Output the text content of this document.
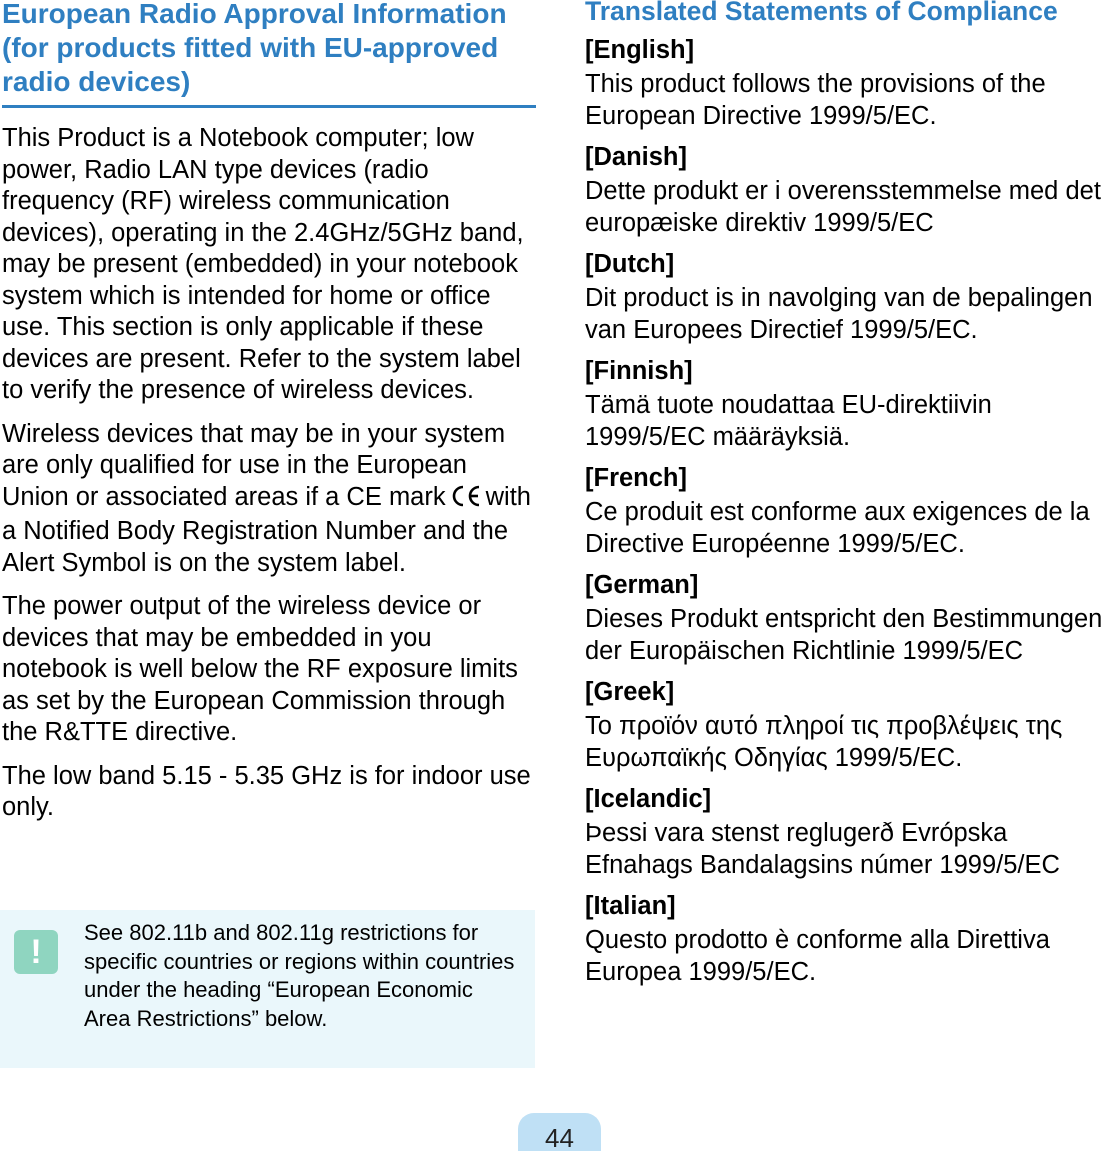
European Radio Approval Information (for products fitted with EU-approved radio devices)

This Product is a Notebook computer; low power, Radio LAN type devices (radio frequency (RF) wireless communication devices), operating in the 2.4GHz/5GHz band, may be present (embedded) in your notebook system which is intended for home or office use. This section is only applicable if these devices are present. Refer to the system label to verify the presence of wireless devices.

Wireless devices that may be in your system are only qualified for use in the European Union or associated areas if a CE mark with a Notified Body Registration Number and the Alert Symbol is on the system label.

The power output of the wireless device or devices that may be embedded in you notebook is well below the RF exposure limits as set by the European Commission through the R&TTE directive.

The low band 5.15 - 5.35 GHz is for indoor use only.

!

See 802.11b and 802.11g restrictions for specific countries or regions within countries under the heading “European Economic Area Restrictions” below.

Translated Statements of Compliance

[English]

This product follows the provisions of the European Directive 1999/5/EC.

[Danish]

Dette produkt er i overensstemmelse med det europæiske direktiv 1999/5/EC

[Dutch]

Dit product is in navolging van de bepalingen van Europees Directief 1999/5/EC.

[Finnish]

Tämä tuote noudattaa EU-direktiivin 1999/5/EC määräyksiä.

[French]

Ce produit est conforme aux exigences de la Directive Européenne 1999/5/EC.

[German]

Dieses Produkt entspricht den Bestimmungen der Europäischen Richtlinie 1999/5/EC

[Greek]

Το προϊόν αυτό πληροί τις προβλέψεις της Ευρωπαϊκής Οδηγίας 1999/5/EC.

[Icelandic]

Þessi vara stenst reglugerð Evrópska Efnahags Bandalagsins númer 1999/5/EC

[Italian]

Questo prodotto è conforme alla Direttiva Europea 1999/5/EC.

44
